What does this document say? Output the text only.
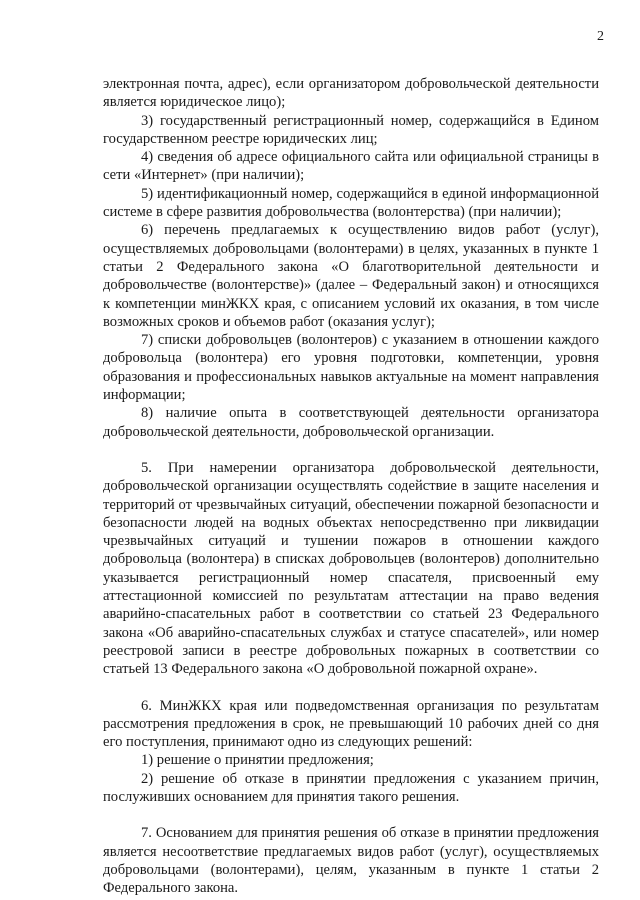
2

электронная почта, адрес), если организатором добровольческой деятельности является юридическое лицо);

3) государственный регистрационный номер, содержащийся в Едином государственном реестре юридических лиц;

4) сведения об адресе официального сайта или официальной страницы в сети «Интернет» (при наличии);

5) идентификационный номер, содержащийся в единой информационной системе в сфере развития добровольчества (волонтерства) (при наличии);

6) перечень предлагаемых к осуществлению видов работ (услуг), осуществляемых добровольцами (волонтерами) в целях, указанных в пункте 1 статьи 2 Федерального закона «О благотворительной деятельности и добровольчестве (волонтерстве)» (далее – Федеральный закон) и относящихся к компетенции минЖКХ края, с описанием условий их оказания, в том числе возможных сроков и объемов работ (оказания услуг);

7) списки добровольцев (волонтеров) с указанием в отношении каждого добровольца (волонтера) его уровня подготовки, компетенции, уровня образования и профессиональных навыков актуальные на момент направления информации;

8) наличие опыта в соответствующей деятельности организатора добровольческой деятельности, добровольческой организации.

5. При намерении организатора добровольческой деятельности, добровольческой организации осуществлять содействие в защите населения и территорий от чрезвычайных ситуаций, обеспечении пожарной безопасности и безопасности людей на водных объектах непосредственно при ликвидации чрезвычайных ситуаций и тушении пожаров в отношении каждого добровольца (волонтера) в списках добровольцев (волонтеров) дополнительно указывается регистрационный номер спасателя, присвоенный ему аттестационной комиссией по результатам аттестации на право ведения аварийно-спасательных работ в соответствии со статьей 23 Федерального закона «Об аварийно-спасательных службах и статусе спасателей», или номер реестровой записи в реестре добровольных пожарных в соответствии со статьей 13 Федерального закона «О добровольной пожарной охране».

6. МинЖКХ края или подведомственная организация по результатам рассмотрения предложения в срок, не превышающий 10 рабочих дней со дня его поступления, принимают одно из следующих решений:

1) решение о принятии предложения;

2) решение об отказе в принятии предложения с указанием причин, послуживших основанием для принятия такого решения.

7. Основанием для принятия решения об отказе в принятии предложения является несоответствие предлагаемых видов работ (услуг), осуществляемых добровольцами (волонтерами), целям, указанным в пункте 1 статьи 2 Федерального закона.
